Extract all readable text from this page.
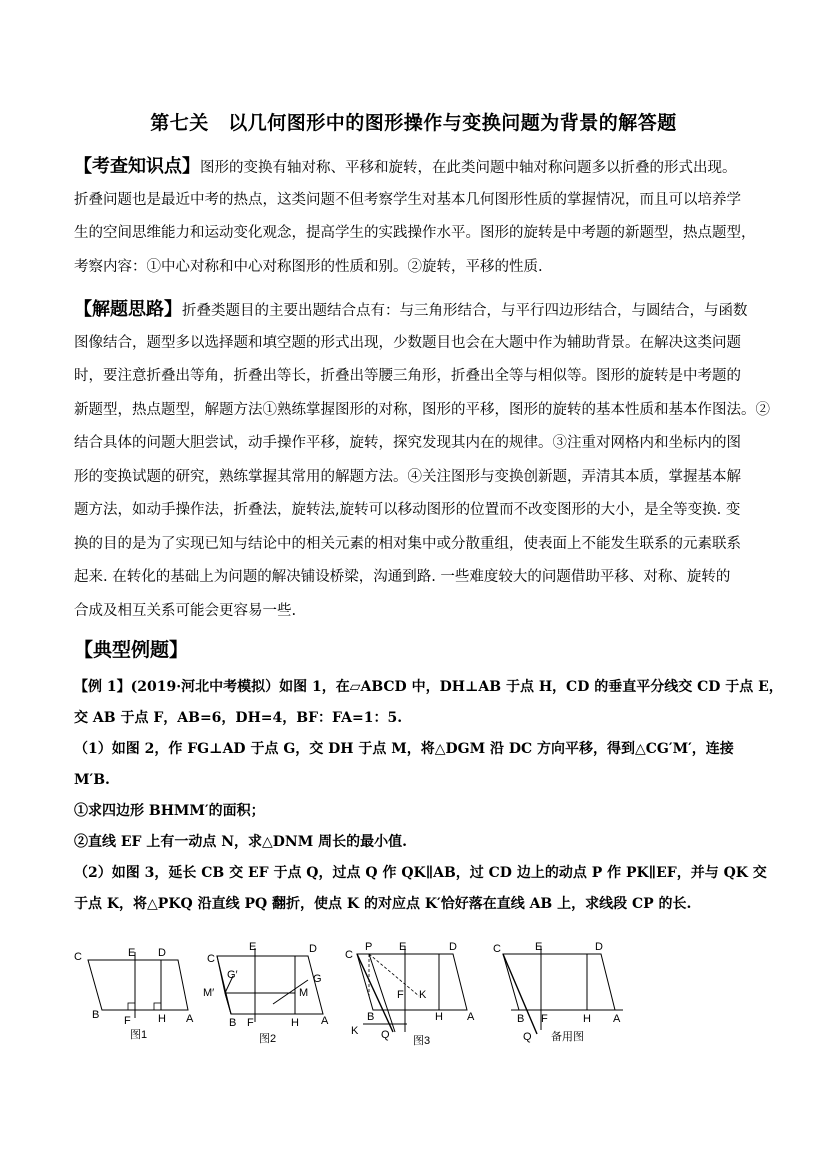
第七关　以几何图形中的图形操作与变换问题为背景的解答题
【考查知识点】图形的变换有轴对称、平移和旋转，在此类问题中轴对称问题多以折叠的形式出现。
折叠问题也是最近中考的热点，这类问题不但考察学生对基本几何图形性质的掌握情况，而且可以培养学
生的空间思维能力和运动变化观念，提高学生的实践操作水平。图形的旋转是中考题的新题型，热点题型，
考察内容：①中心对称和中心对称图形的性质和别。②旋转，平移的性质.
【解题思路】折叠类题目的主要出题结合点有：与三角形结合，与平行四边形结合，与圆结合，与函数
图像结合，题型多以选择题和填空题的形式出现，少数题目也会在大题中作为辅助背景。在解决这类问题
时，要注意折叠出等角，折叠出等长，折叠出等腰三角形，折叠出全等与相似等。图形的旋转是中考题的
新题型，热点题型，解题方法①熟练掌握图形的对称，图形的平移，图形的旋转的基本性质和基本作图法。②
结合具体的问题大胆尝试，动手操作平移，旋转，探究发现其内在的规律。③注重对网格内和坐标内的图
形的变换试题的研究，熟练掌握其常用的解题方法。④关注图形与变换创新题，弄清其本质，掌握基本解
题方法，如动手操作法，折叠法，旋转法,旋转可以移动图形的位置而不改变图形的大小，是全等变换. 变
换的目的是为了实现已知与结论中的相关元素的相对集中或分散重组，使表面上不能发生联系的元素联系
起来. 在转化的基础上为问题的解决铺设桥梁，沟通到路. 一些难度较大的问题借助平移、对称、旋转的
合成及相互关系可能会更容易一些.
【典型例题】
【例 1】(2019·河北中考模拟）如图 1，在▱ABCD 中，DH⊥AB 于点 H，CD 的垂直平分线交 CD 于点 E，
交 AB 于点 F，AB=6，DH=4，BF：FA=1：5.
（1）如图 2，作 FG⊥AD 于点 G，交 DH 于点 M，将△DGM 沿 DC 方向平移，得到△CG′M′，连接
M′B.
①求四边形 BHMM′的面积；
②直线 EF 上有一动点 N，求△DNM 周长的最小值.
（2）如图 3，延长 CB 交 EF 于点 Q，过点 Q 作 QK∥AB，过 CD 边上的动点 P 作 PK∥EF，并与 QK 交
于点 K，将△PKQ 沿直线 PQ 翻折，使点 K 的对应点 K′恰好落在直线 AB 上，求线段 CP 的长.
C	E D
B F H A
图1
E	D
C
G′	G
M′	M
B F	H A
图2
C
P E	D
F K
B	H A
K Q 图3
C	E	D
B F	H A
Q 备用图
